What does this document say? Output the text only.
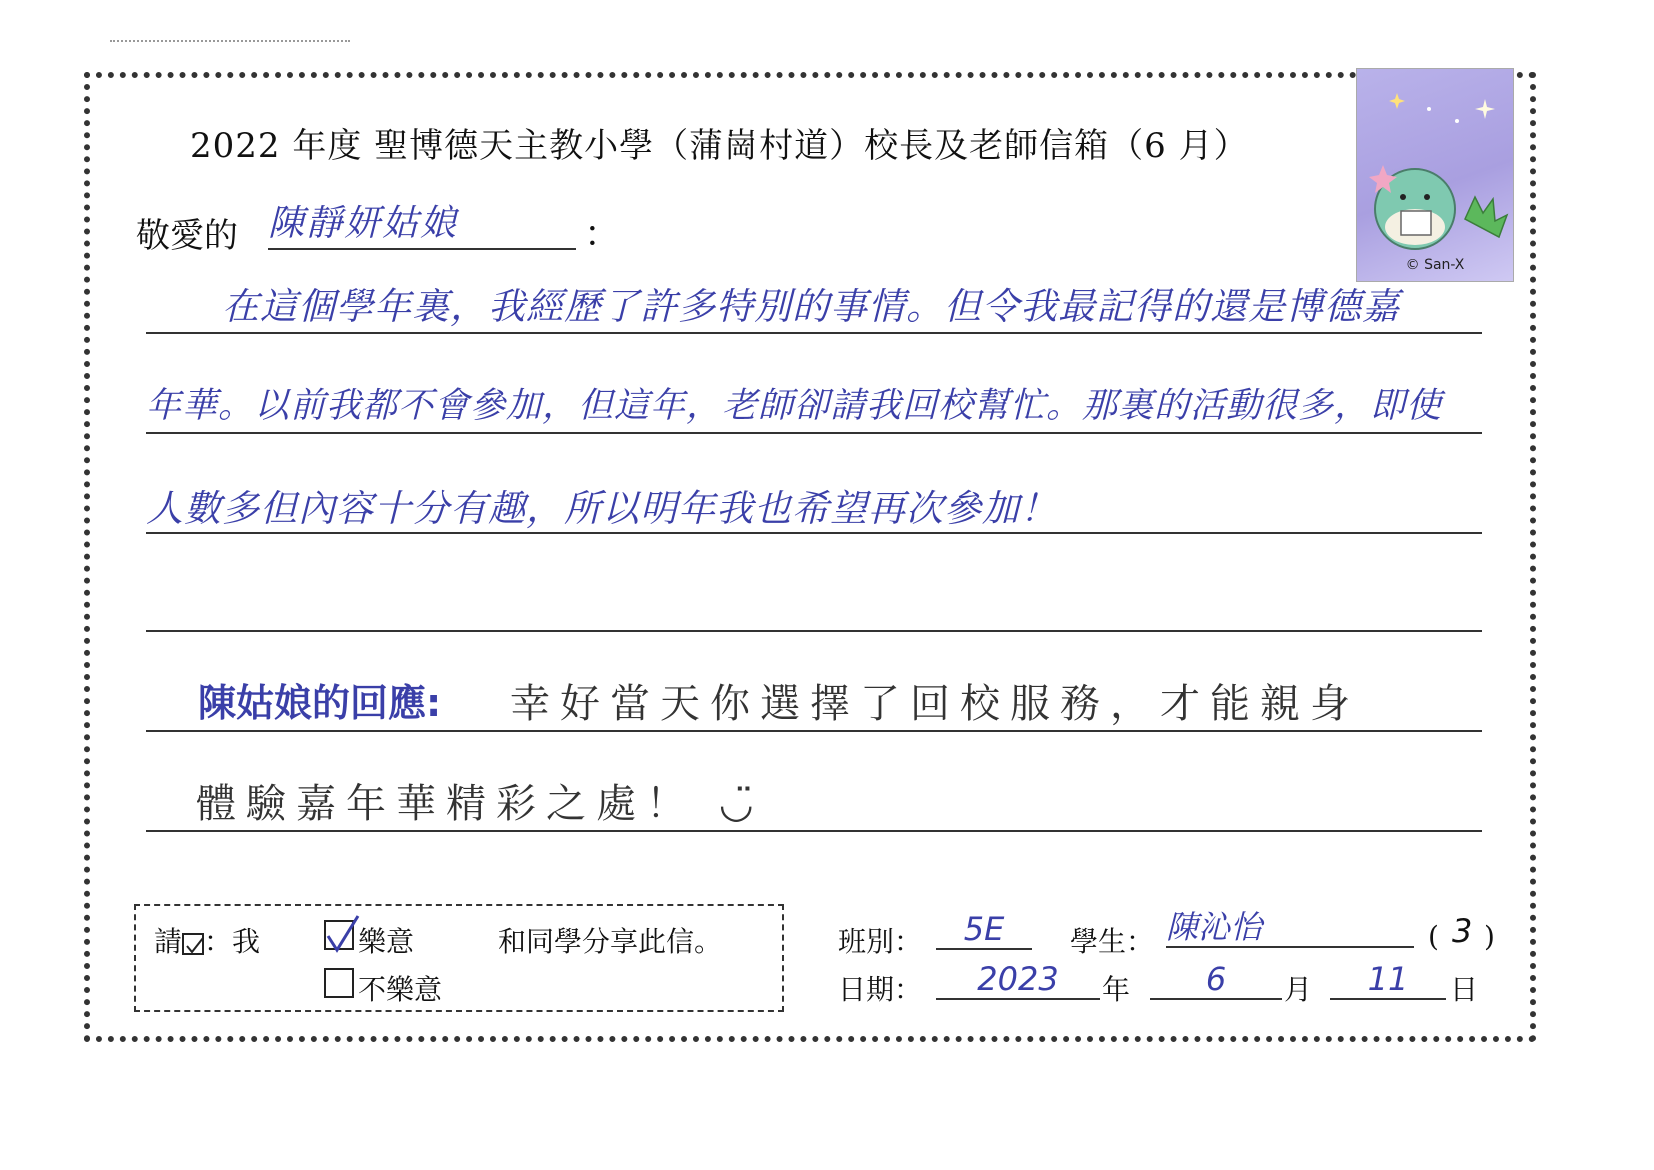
2022 年度 聖博德天主教小學（蒲崗村道）校長及老師信箱（6 月）
© San-X
敬愛的 陳靜妍姑娘	：
在這個學年裏，我經歷了許多特別的事情。但令我最記得的還是博德嘉
年華。以前我都不會參加，但這年，老師卻請我回校幫忙。那裏的活動很多，即使
人數多但內容十分有趣，所以明年我也希望再次參加！
陳姑娘的回應: 幸好當天你選擇了回校服務，才能親身
體驗嘉年華精彩之處！ ◡̈
請 ：我	樂意	和同學分享此信。
不樂意
班別：	5E	學生： 陳沁怡	( 3 )
日期：	2023	年	6	月	11	日
